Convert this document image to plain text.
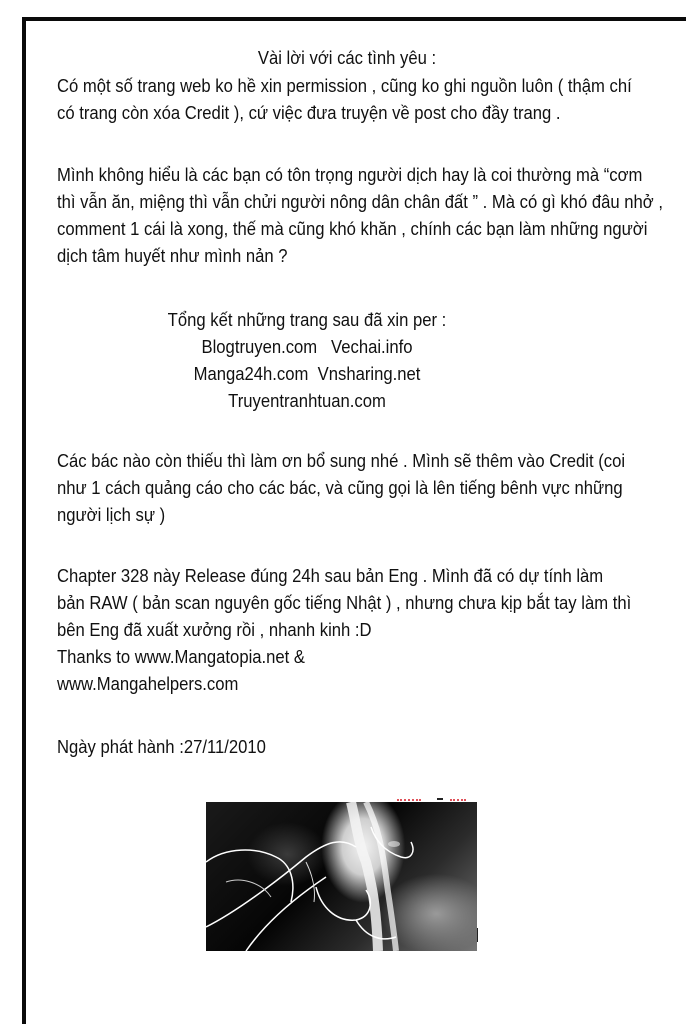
Vài lời với các tình yêu :
Có một số trang web ko hề xin permission , cũng ko ghi nguồn luôn ( thậm chí
có trang còn xóa Credit ), cứ việc đưa truyện về post cho đầy trang .
Mình không hiểu là các bạn có tôn trọng người dịch hay là coi thường mà “cơm
thì vẫn ăn, miệng thì vẫn chửi người nông dân chân đất ” . Mà có gì khó đâu nhở ,
comment 1 cái là xong, thế mà cũng khó khăn , chính các bạn làm những người
dịch tâm huyết như mình nản ?
Tổng kết những trang sau đã xin per :
Blogtruyen.com   Vechai.info
Manga24h.com  Vnsharing.net
Truyentranhtuan.com
Các bác nào còn thiếu thì làm ơn bổ sung nhé . Mình sẽ thêm vào Credit (coi
như 1 cách quảng cáo cho các bác, và cũng gọi là lên tiếng bênh vực những
người lịch sự )
Chapter 328 này Release đúng 24h sau bản Eng . Mình đã có dự tính làm
bản RAW ( bản scan nguyên gốc tiếng Nhật ) , nhưng chưa kịp bắt tay làm thì
bên Eng đã xuất xưởng rồi , nhanh kinh :D
Thanks to www.Mangatopia.net &
www.Mangahelpers.com
Ngày phát hành :27/11/2010
